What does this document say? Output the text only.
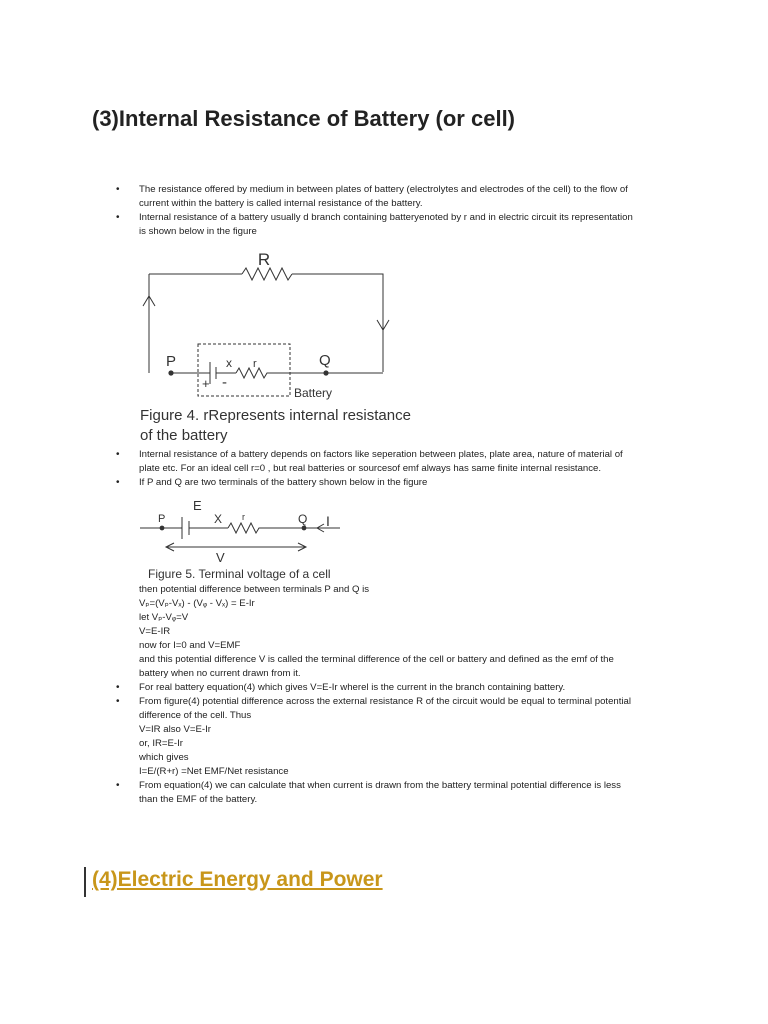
(3)Internal Resistance of Battery (or cell)
• The resistance offered by medium in between plates of battery (electrolytes and electrodes of the cell) to the flow of
current within the battery is called internal resistance of the battery.
• Internal resistance of a battery usually d branch containing batteryenoted by r and in electric circuit its representation
is shown below in the figure
R
P	Q
x r
+ -
Battery
Figure 4. rRepresents internal resistance
of the battery
• Internal resistance of a battery depends on factors like seperation between plates, plate area, nature of material of
plate etc. For an ideal cell r=0 , but real batteries or sourcesof emf always has same finite internal resistance.
• If P and Q are two terminals of the battery shown below in the figure
E
P	X r	Q I
V
Figure 5. Terminal voltage of a cell
then potential difference between terminals P and Q is
Vₚ=(Vₚ-Vₓ) - (Vᵩ - Vₓ) = E-Ir
let Vₚ-Vᵩ=V
V=E-IR
now for I=0 and V=EMF
and this potential difference V is called the terminal difference of the cell or battery and defined as the emf of the
battery when no current drawn from it.
• For real battery equation(4) which gives V=E-Ir wherel is the current in the branch containing battery.
• From figure(4) potential difference across the external resistance R of the circuit would be equal to terminal potential
difference of the cell. Thus
V=IR also V=E-Ir
or, IR=E-Ir
which gives
I=E/(R+r) =Net EMF/Net resistance
• From equation(4) we can calculate that when current is drawn from the battery terminal potential difference is less
than the EMF of the battery.
(4)Electric Energy and Power
